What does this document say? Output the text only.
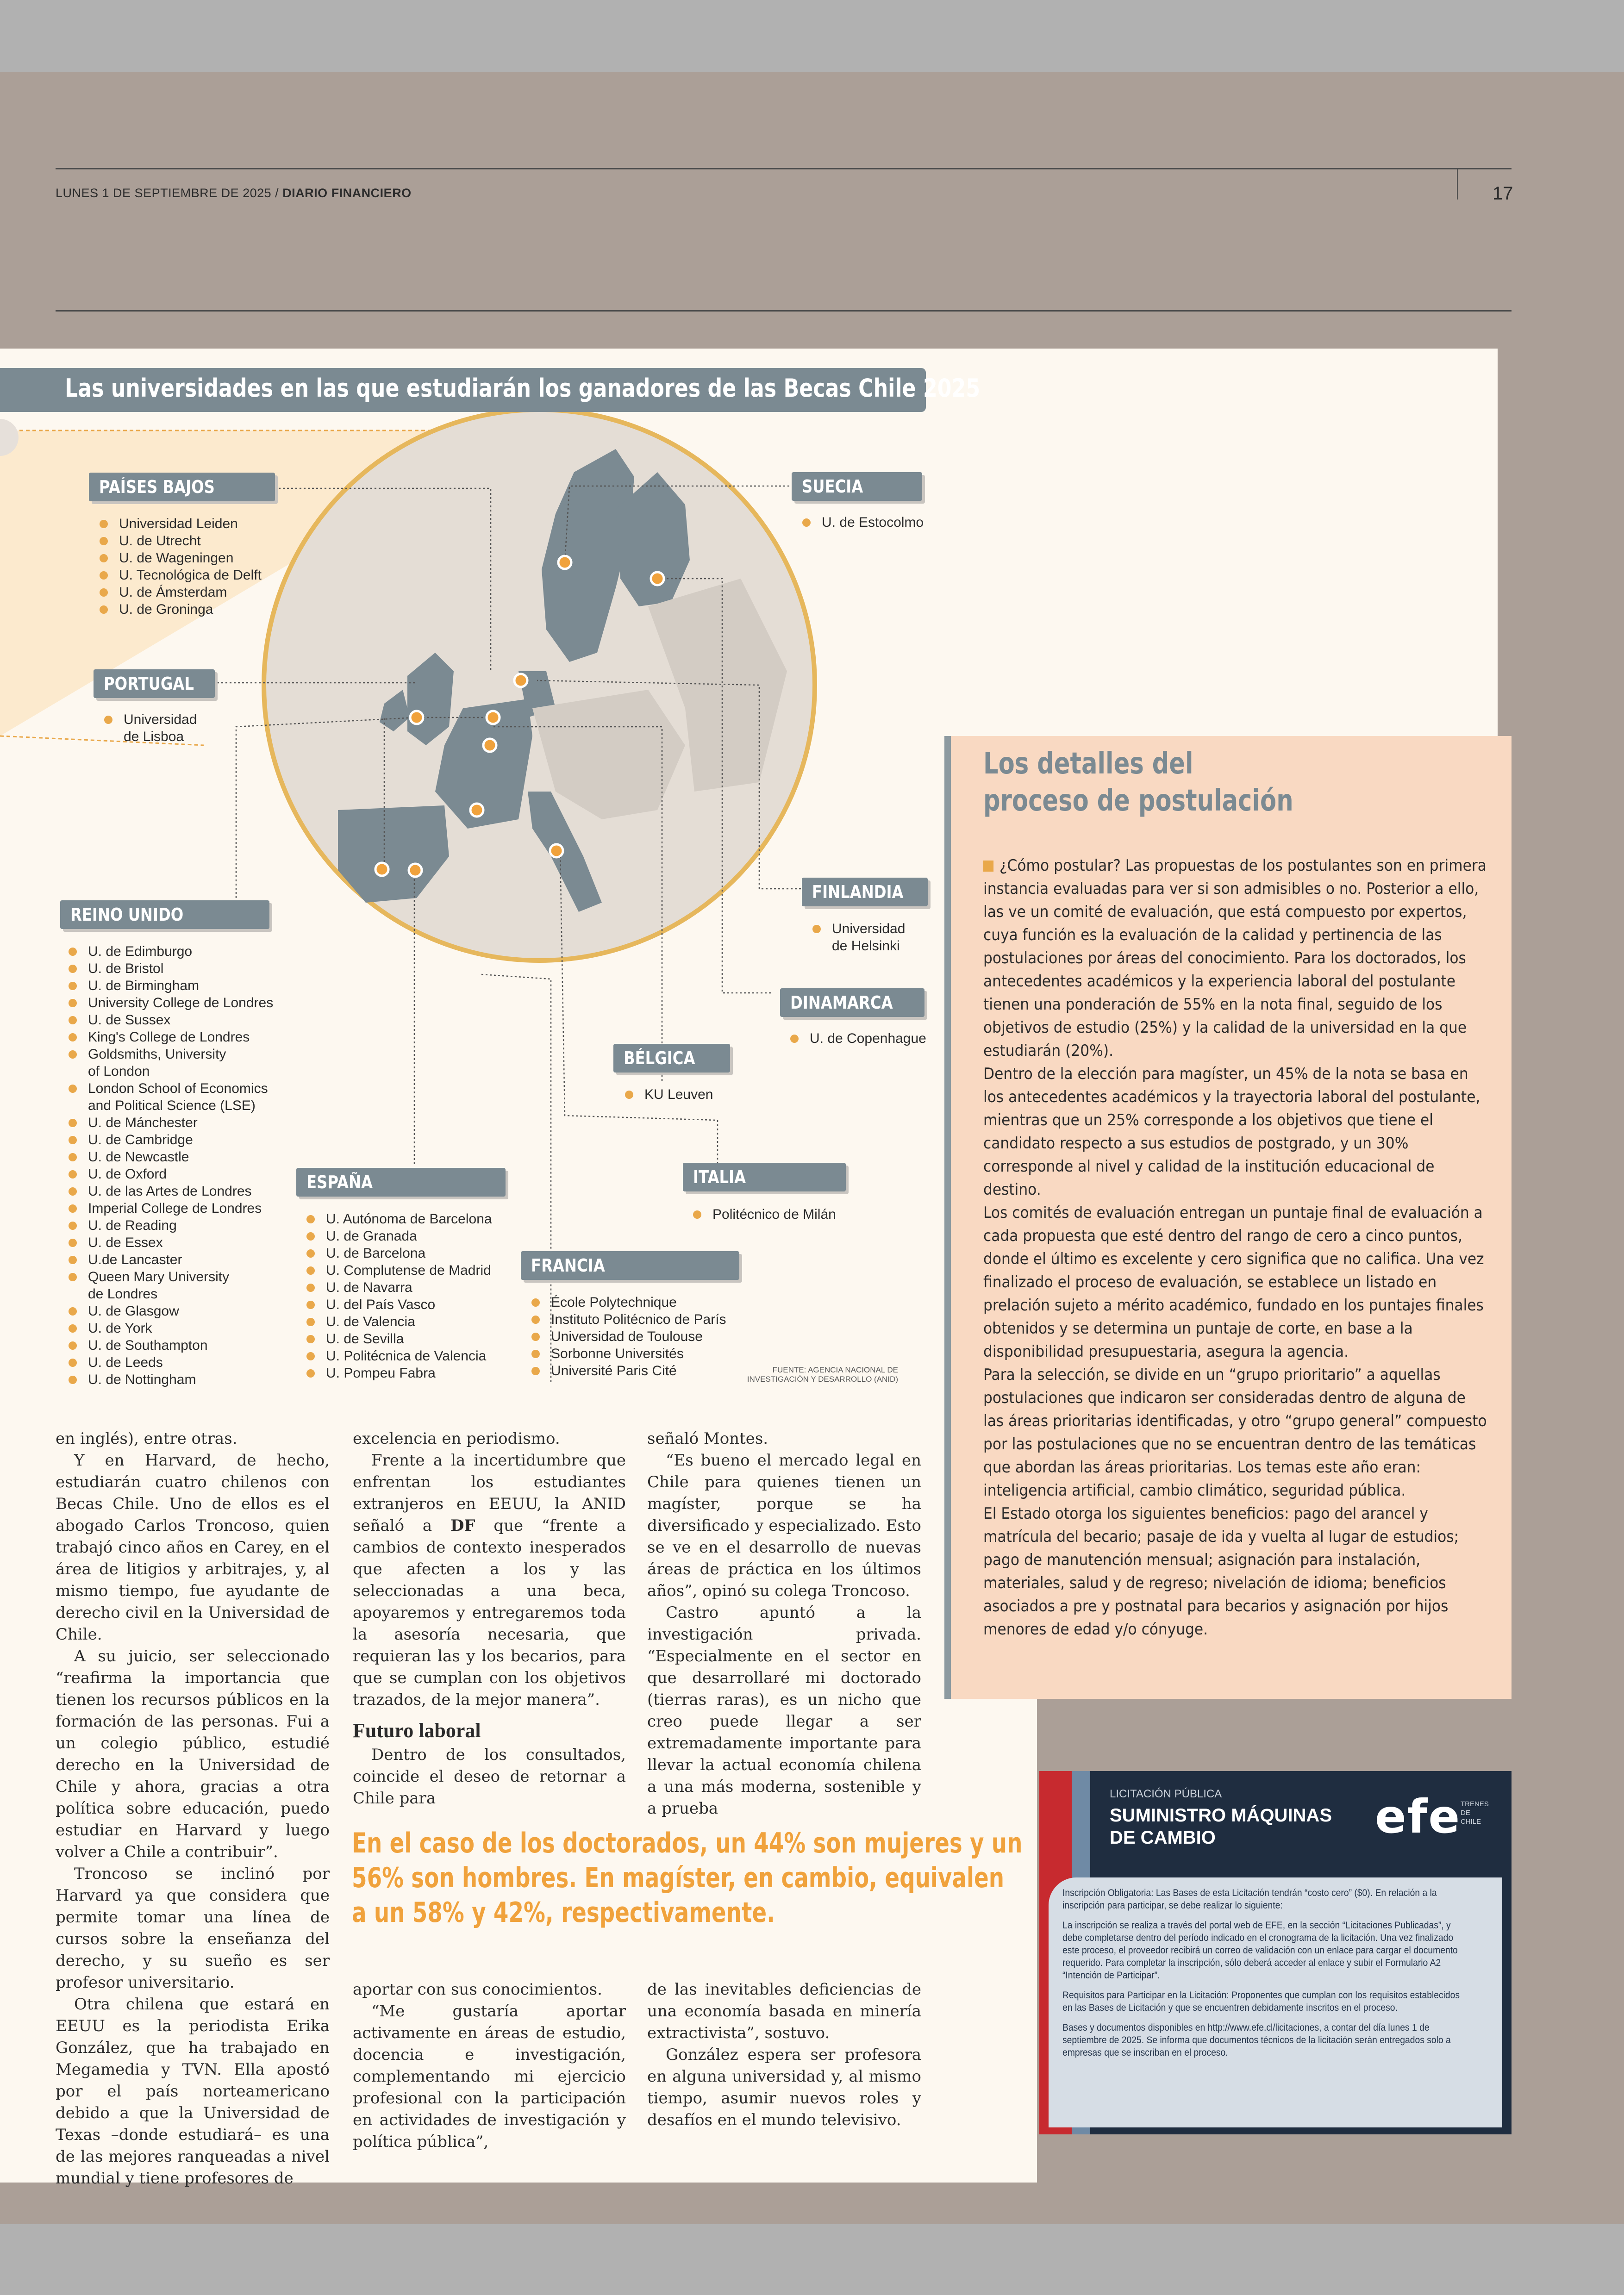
LUNES 1 DE SEPTIEMBRE DE 2025 / DIARIO FINANCIERO	17
Las universidades en las que estudiarán los ganadores de las Becas Chile 2025
PAÍSES BAJOS
Universidad Leiden
U. de Utrecht
U. de Wageningen
U. Tecnológica de Delft
U. de Ámsterdam
U. de Groninga
PORTUGAL
Universidad
de Lisboa
REINO UNIDO
U. de Edimburgo
U. de Bristol
U. de Birmingham
University College de Londres
U. de Sussex
King's College de Londres
Goldsmiths, University
of London
London School of Economics
and Political Science (LSE)
U. de Mánchester
U. de Cambridge
U. de Newcastle
U. de Oxford
U. de las Artes de Londres
Imperial College de Londres
U. de Reading
U. de Essex
U.de Lancaster
Queen Mary University
de Londres
U. de Glasgow
U. de York
U. de Southampton
U. de Leeds
U. de Nottingham
ESPAÑA
U. Autónoma de Barcelona
U. de Granada
U. de Barcelona
U. Complutense de Madrid
U. de Navarra
U. del País Vasco
U. de Valencia
U. de Sevilla
U. Politécnica de Valencia
U. Pompeu Fabra
FRANCIA
École Polytechnique
Instituto Politécnico de París
Universidad de Toulouse
Sorbonne Universités
Université Paris Cité
BÉLGICA
KU Leuven
ITALIA
Politécnico de Milán
SUECIA
U. de Estocolmo
FINLANDIA
Universidad
de Helsinki
DINAMARCA
U. de Copenhague
FUENTE: AGENCIA NACIONAL DE INVESTIGACIÓN Y DESARROLLO (ANID)
Los detalles del
proceso de postulación

¿Cómo postular? Las propuestas de los postulantes son en primera instancia evaluadas para ver si son admisibles o no. Posterior a ello, las ve un comité de evaluación, que está compuesto por expertos, cuya función es la evaluación de la calidad y pertinencia de las postulaciones por áreas del conocimiento. Para los doctorados, los antecedentes académicos y la experiencia laboral del postulante tienen una ponderación de 55% en la nota final, seguido de los objetivos de estudio (25%) y la calidad de la universidad en la que estudiarán (20%).

Dentro de la elección para magíster, un 45% de la nota se basa en los antecedentes académicos y la trayectoria laboral del postulante, mientras que un 25% corresponde a los objetivos que tiene el candidato respecto a sus estudios de postgrado, y un 30% corresponde al nivel y calidad de la institución educacional de destino.

Los comités de evaluación entregan un puntaje final de evaluación a cada propuesta que esté dentro del rango de cero a cinco puntos, donde el último es excelente y cero significa que no califica. Una vez finalizado el proceso de evaluación, se establece un listado en prelación sujeto a mérito académico, fundado en los puntajes finales obtenidos y se determina un puntaje de corte, en base a la disponibilidad presupuestaria, asegura la agencia.

Para la selección, se divide en un “grupo prioritario” a aquellas postulaciones que indicaron ser consideradas dentro de alguna de las áreas prioritarias identificadas, y otro “grupo general” compuesto por las postulaciones que no se encuentran dentro de las temáticas que abordan las áreas prioritarias. Los temas este año eran: inteligencia artificial, cambio climático, seguridad pública.

El Estado otorga los siguientes beneficios: pago del arancel y matrícula del becario; pasaje de ida y vuelta al lugar de estudios; pago de manutención mensual; asignación para instalación, materiales, salud y de regreso; nivelación de idioma; beneficios asociados a pre y postnatal para becarios y asignación por hijos menores de edad y/o cónyuge.

en inglés), entre otras.

Y en Harvard, de hecho, estudiarán cuatro chilenos con Becas Chile. Uno de ellos es el abogado Carlos Troncoso, quien trabajó cinco años en Carey, en el área de litigios y arbitrajes, y, al mismo tiempo, fue ayudante de derecho civil en la Universidad de Chile.

A su juicio, ser seleccionado “reafirma la importancia que tienen los recursos públicos en la formación de las personas. Fui a un colegio público, estudié derecho en la Universidad de Chile y ahora, gracias a otra política sobre educación, puedo estudiar en Harvard y luego volver a Chile a contribuir”.

Troncoso se inclinó por Harvard ya que considera que permite tomar una línea de cursos sobre la enseñanza del derecho, y su sueño es ser profesor universitario.

Otra chilena que estará en EEUU es la periodista Erika González, que ha trabajado en Megamedia y TVN. Ella apostó por el país norteamericano debido a que la Universidad de Texas –donde estudiará– es una de las mejores ranqueadas a nivel mundial y tiene profesores de

excelencia en periodismo.

Frente a la incertidumbre que enfrentan los estudiantes extranjeros en EEUU, la ANID señaló a DF que “frente a cambios de contexto inesperados que afecten a los y las seleccionadas a una beca, apoyaremos y entregaremos toda la asesoría necesaria, que requieran las y los becarios, para que se cumplan con los objetivos trazados, de la mejor manera”.

Futuro laboral

Dentro de los consultados, coincide el deseo de retornar a Chile para

señaló Montes.

“Es bueno el mercado legal en Chile para quienes tienen un magíster, porque se ha diversificado y especializado. Esto se ve en el desarrollo de nuevas áreas de práctica en los últimos años”, opinó su colega Troncoso.

Castro apuntó a la investigación privada. “Especialmente en el sector en que desarrollaré mi doctorado (tierras raras), es un nicho que creo puede llegar a ser extremadamente importante para llevar la actual economía chilena a una más moderna, sostenible y a prueba

En el caso de los doctorados, un 44% son mujeres y un 56% son hombres. En magíster, en cambio, equivalen a un 58% y 42%, respectivamente.

aportar con sus conocimientos.

“Me gustaría aportar activamente en áreas de estudio, docencia e investigación, complementando mi ejercicio profesional con la participación en actividades de investigación y política pública”,

de las inevitables deficiencias de una economía basada en minería extractivista”, sostuvo.

González espera ser profesora en alguna universidad y, al mismo tiempo, asumir nuevos roles y desafíos en el mundo televisivo.

LICITACIÓN PÚBLICA
SUMINISTRO MÁQUINAS
DE CAMBIO	efe TRENES
DE
CHILE

Inscripción Obligatoria: Las Bases de esta Licitación tendrán “costo cero” ($0). En relación a la inscripción para participar, se debe realizar lo siguiente:

La inscripción se realiza a través del portal web de EFE, en la sección “Licitaciones Publicadas”, y debe completarse dentro del período indicado en el cronograma de la licitación. Una vez finalizado este proceso, el proveedor recibirá un correo de validación con un enlace para cargar el documento requerido. Para completar la inscripción, sólo deberá acceder al enlace y subir el Formulario A2 “Intención de Participar”.

Requisitos para Participar en la Licitación: Proponentes que cumplan con los requisitos establecidos en las Bases de Licitación y que se encuentren debidamente inscritos en el proceso.

Bases y documentos disponibles en http://www.efe.cl/licitaciones, a contar del día lunes 1 de septiembre de 2025. Se informa que documentos técnicos de la licitación serán entregados solo a empresas que se inscriban en el proceso.
